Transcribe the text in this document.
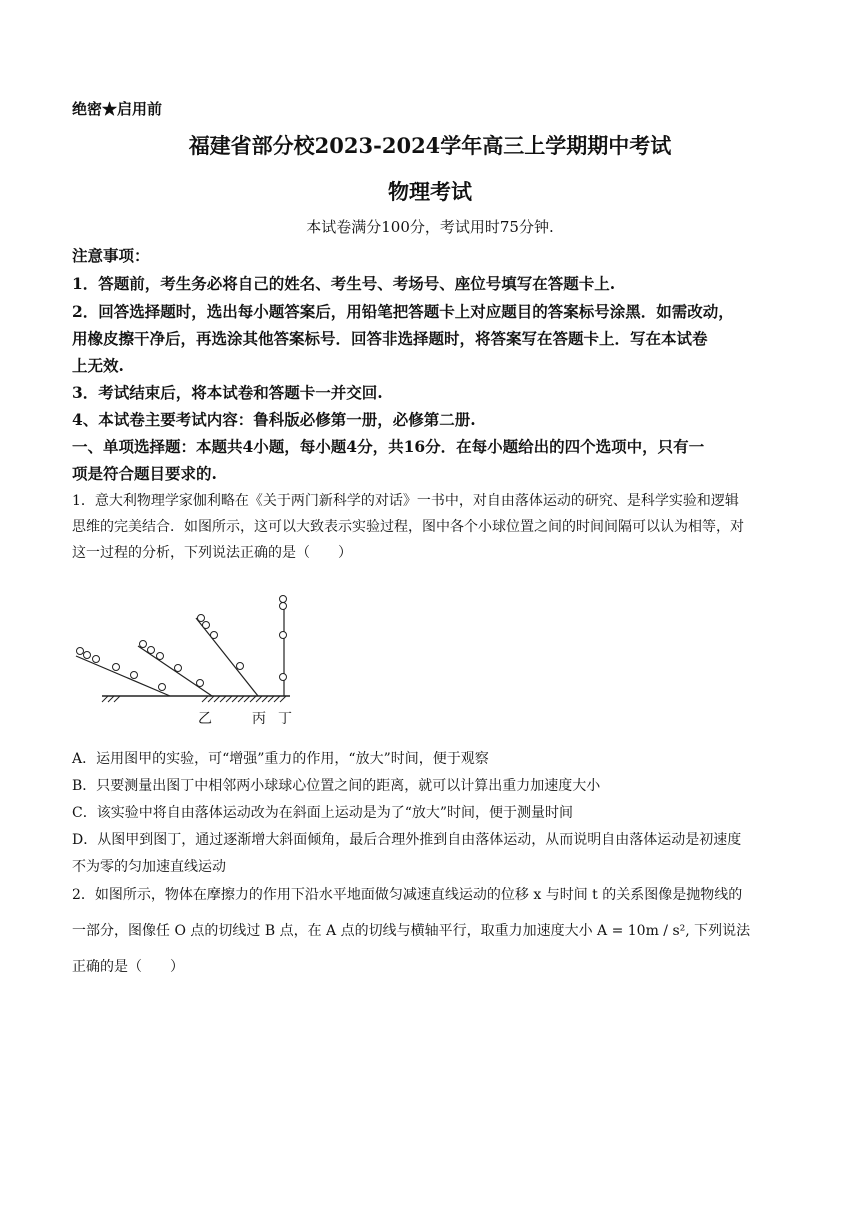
绝密★启用前
福建省部分校2023-2024学年高三上学期期中考试
物理考试
本试卷满分100分，考试用时75分钟.
注意事项：
1．答题前，考生务必将自己的姓名、考生号、考场号、座位号填写在答题卡上.
2．回答选择题时，选出每小题答案后，用铅笔把答题卡上对应题目的答案标号涂黑．如需改动，
用橡皮擦干净后，再选涂其他答案标号．回答非选择题时，将答案写在答题卡上．写在本试卷
上无效.
3．考试结束后，将本试卷和答题卡一并交回.
4、本试卷主要考试内容：鲁科版必修第一册，必修第二册.
一、单项选择题：本题共4小题，每小题4分，共16分．在每小题给出的四个选项中，只有一
项是符合题目要求的.
1．意大利物理学家伽利略在《关于两门新科学的对话》一书中，对自由落体运动的研究、是科学实验和逻辑
思维的完美结合．如图所示，这可以大致表示实验过程，图中各个小球位置之间的时间间隔可以认为相等，对
这一过程的分析，下列说法正确的是（　　）
乙	丙 丁
A．运用图甲的实验，可“增强”重力的作用，“放大”时间，便于观察
B．只要测量出图丁中相邻两小球球心位置之间的距离，就可以计算出重力加速度大小
C．该实验中将自由落体运动改为在斜面上运动是为了“放大”时间，便于测量时间
D．从图甲到图丁，通过逐渐增大斜面倾角，最后合理外推到自由落体运动，从而说明自由落体运动是初速度
不为零的匀加速直线运动
2．如图所示，物体在摩擦力的作用下沿水平地面做匀减速直线运动的位移 x 与时间 t 的关系图像是抛物线的
一部分，图像任 O 点的切线过 B 点，在 A 点的切线与横轴平行，取重力加速度大小 A = 10m / s², 下列说法
正确的是（　　）
